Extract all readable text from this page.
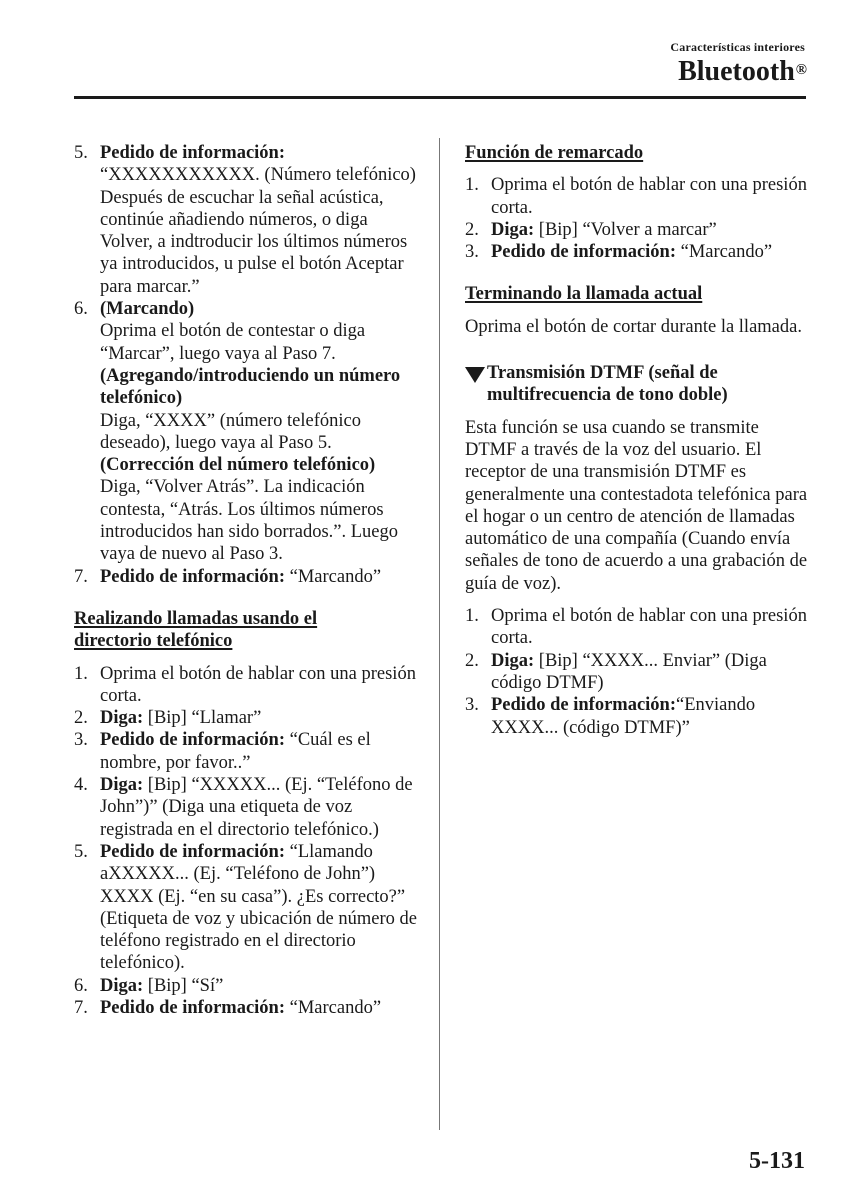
Características interiores
Bluetooth®
5. Pedido de información:
“XXXXXXXXXXX. (Número telefónico) Después de escuchar la señal acústica, continúe añadiendo números, o diga Volver, a indtroducir los últimos números ya introducidos, u pulse el botón Aceptar para marcar.”
6. (Marcando)
Oprima el botón de contestar o diga “Marcar”, luego vaya al Paso 7.
(Agregando/introduciendo un número telefónico)
Diga, “XXXX” (número telefónico deseado), luego vaya al Paso 5.
(Corrección del número telefónico)
Diga, “Volver Atrás”. La indicación contesta, “Atrás. Los últimos números introducidos han sido borrados.”. Luego vaya de nuevo al Paso 3.
7. Pedido de información: “Marcando”

Realizando llamadas usando el
directorio telefónico

1. Oprima el botón de hablar con una presión corta.
2. Diga: [Bip] “Llamar”
3. Pedido de información: “Cuál es el nombre, por favor..”
4. Diga: [Bip] “XXXXX... (Ej. “Teléfono de John”)” (Diga una etiqueta de voz registrada en el directorio telefónico.)
5. Pedido de información: “Llamando aXXXXX... (Ej. “Teléfono de John”) XXXX (Ej. “en su casa”). ¿Es correcto?” (Etiqueta de voz y ubicación de número de teléfono registrado en el directorio telefónico).
6. Diga: [Bip] “Sí”
7. Pedido de información: “Marcando”

Función de remarcado

1. Oprima el botón de hablar con una presión corta.
2. Diga: [Bip] “Volver a marcar”
3. Pedido de información: “Marcando”

Terminando la llamada actual

Oprima el botón de cortar durante la llamada.

Transmisión DTMF (señal de multifrecuencia de tono doble)

Esta función se usa cuando se transmite DTMF a través de la voz del usuario. El receptor de una transmisión DTMF es generalmente una contestadota telefónica para el hogar o un centro de atención de llamadas automático de una compañía (Cuando envía señales de tono de acuerdo a una grabación de guía de voz).

1. Oprima el botón de hablar con una presión corta.
2. Diga: [Bip] “XXXX... Enviar” (Diga código DTMF)
3. Pedido de información:“Enviando XXXX... (código DTMF)”
5-131
